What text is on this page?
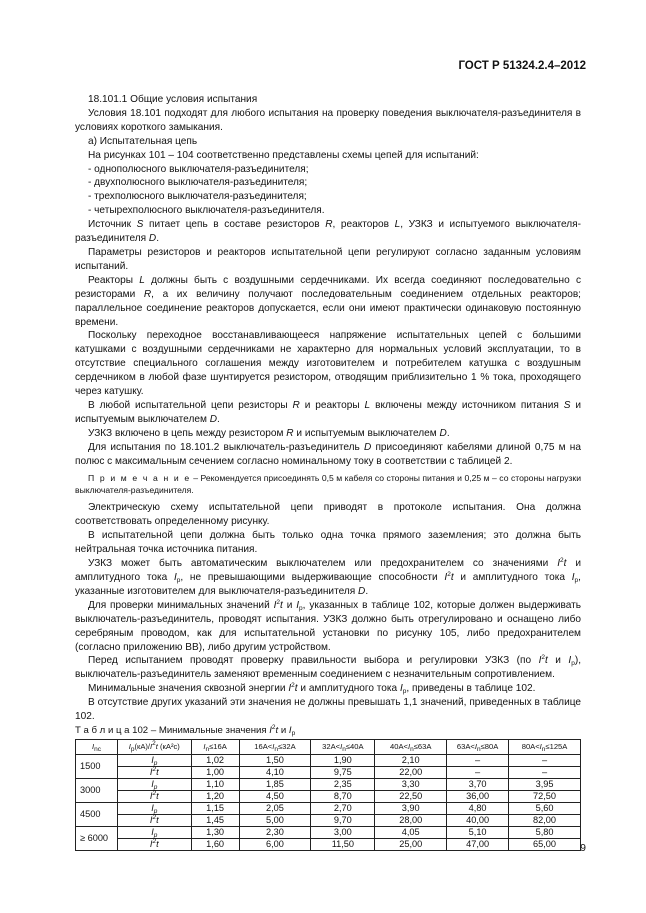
ГОСТ Р 51324.2.4–2012

18.101.1 Общие условия испытания

Условия 18.101 подходят для любого испытания на проверку поведения выключателя-разъединителя в условиях короткого замыкания.

а) Испытательная цепь

На рисунках 101 – 104 соответственно представлены схемы цепей для испытаний:

- однополюсного выключателя-разъединителя;

- двухполюсного выключателя-разъединителя;

- трехполюсного выключателя-разъединителя;

- четырехполюсного выключателя-разъединителя.

Источник S питает цепь в составе резисторов R, реакторов L, УЗКЗ и испытуемого выключателя-разъединителя D.

Параметры резисторов и реакторов испытательной цепи регулируют согласно заданным условиям испытаний.

Реакторы L должны быть с воздушными сердечниками. Их всегда соединяют последовательно с резисторами R, а их величину получают последовательным соединением отдельных реакторов; параллельное соединение реакторов допускается, если они имеют практически одинаковую постоянную времени.

Поскольку переходное восстанавливающееся напряжение испытательных цепей с большими катушками с воздушными сердечниками не характерно для нормальных условий эксплуатации, то в отсутствие специального соглашения между изготовителем и потребителем катушка с воздушным сердечником в любой фазе шунтируется резистором, отводящим приблизительно 1 % тока, проходящего через катушку.

В любой испытательной цепи резисторы R и реакторы L включены между источником питания S и испытуемым выключателем D.

УЗКЗ включено в цепь между резистором R и испытуемым выключателем D.

Для испытания по 18.101.2 выключатель-разъединитель D присоединяют кабелями длиной 0,75 м на полюс с максимальным сечением согласно номинальному току в соответствии с таблицей 2.

П р и м е ч а н и е – Рекомендуется присоединять 0,5 м кабеля со стороны питания и 0,25 м – со стороны нагрузки выключателя-разъединителя.

Электрическую схему испытательной цепи приводят в протоколе испытания. Она должна соответствовать определенному рисунку.

В испытательной цепи должна быть только одна точка прямого заземления; это должна быть нейтральная точка источника питания.

УЗКЗ может быть автоматическим выключателем или предохранителем со значениями $I^2t$ и амплитудного тока $I_p$, не превышающими выдерживающие способности $I^2t$ и амплитудного тока $I_p$, указанные изготовителем для выключателя-разъединителя D.

Для проверки минимальных значений $I^2t$ и $I_p$, указанных в таблице 102, которые должен выдерживать выключатель-разъединитель, проводят испытания. УЗКЗ должно быть отрегулировано и оснащено либо серебряным проводом, как для испытательной установки по рисунку 105, либо предохранителем (согласно приложению ВВ), либо другим устройством.

Перед испытанием проводят проверку правильности выбора и регулировки УЗКЗ (по $I^2t$ и $I_p$), выключатель-разъединитель заменяют временным соединением с незначительным сопротивлением.

Минимальные значения сквозной энергии $I^2t$ и амплитудного тока $I_p$, приведены в таблице 102.

В отсутствие других указаний эти значения не должны превышать 1,1 значений, приведенных в таблице 102.

Т а б л и ц а 102 – Минимальные значения $I^2t$ и $I_p$
$I_{nc}$	$I_p(кА)/I^2t$ (кА²с)	$I_n\le 16А$	$16А<I_n\le 32А$	$32А<I_n\le 40А$	$40А<I_n\le 63А$	$63А<I_n\le 80А$	$80А<I_n\le 125А$
1500	$I_p$	1,02	1,50	1,90	2,10	–	–
	$I^2t$	1,00	4,10	9,75	22,00	–	–
3000	$I_p$	1,10	1,85	2,35	3,30	3,70	3,95
	$I^2t$	1,20	4,50	8,70	22,50	36,00	72,50
4500	$I_p$	1,15	2,05	2,70	3,90	4,80	5,60
	$I^2t$	1,45	5,00	9,70	28,00	40,00	82,00
≥ 6000	$I_p$	1,30	2,30	3,00	4,05	5,10	5,80
	$I^2t$	1,60	6,00	11,50	25,00	47,00	65,00 9
